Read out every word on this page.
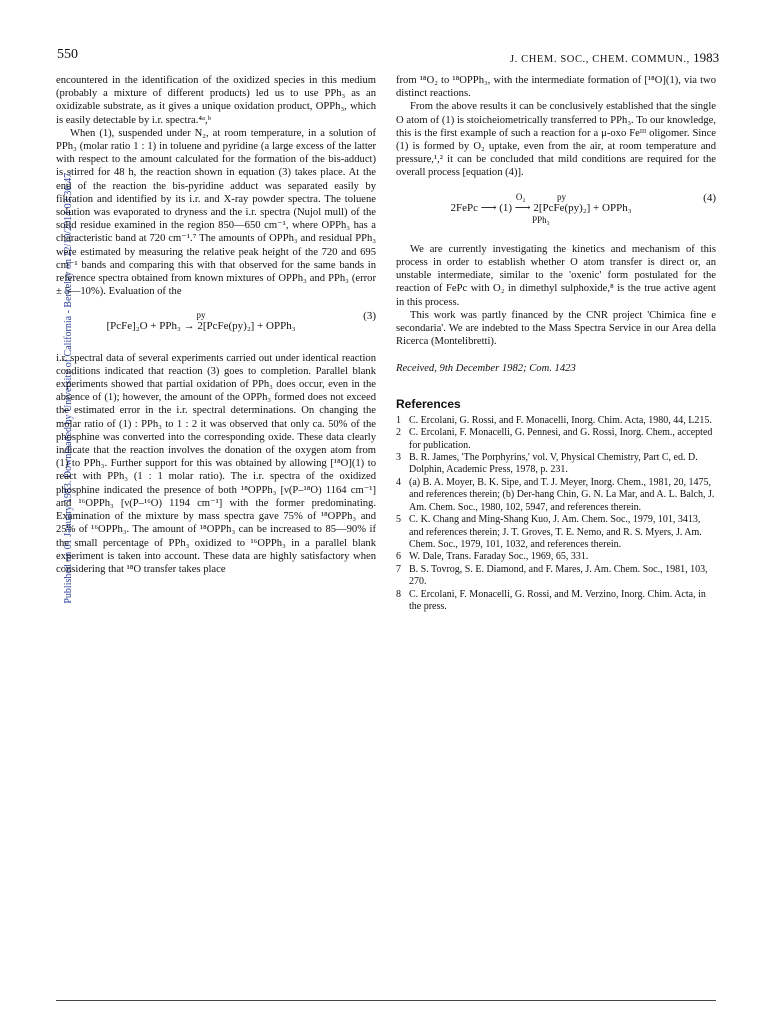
Published on 01 January 1983. Downloaded by University of California - Berkeley on 22/10/2014 03:36:47.
550	J. CHEM. SOC., CHEM. COMMUN., 1983

encountered in the identification of the oxidized species in this medium (probably a mixture of different products) led us to use PPh₃ as an oxidizable substrate, as it gives a unique oxidation product, OPPh₃, which is easily detectable by i.r. spectra.⁴ᵃ,ᵇ

When (1), suspended under N₂, at room temperature, in a solution of PPh₃ (molar ratio 1 : 1) in toluene and pyridine (a large excess of the latter with respect to the amount calculated for the formation of the bis-adduct) is stirred for 48 h, the reaction shown in equation (3) takes place. At the end of the reaction the bis-pyridine adduct was separated easily by filtration and identified by its i.r. and X-ray powder spectra. The toluene solution was evaporated to dryness and the i.r. spectra (Nujol mull) of the solid residue examined in the region 850—650 cm⁻¹, where OPPh₃ has a characteristic band at 720 cm⁻¹.⁷ The amounts of OPPh₃ and residual PPh₃ were estimated by measuring the relative peak height of the 720 and 695 cm⁻¹ bands and comparing this with that observed for the same bands in reference spectra obtained from known mixtures of OPPh₃ and PPh₃ (error ± 5—10%). Evaluation of the

py
[PcFe]₂O + PPh₃ → 2[PcFe(py)₂] + OPPh₃
(3)

i.r. spectral data of several experiments carried out under identical reaction conditions indicated that reaction (3) goes to completion. Parallel blank experiments showed that partial oxidation of PPh₃ does occur, even in the absence of (1); however, the amount of the OPPh₃ formed does not exceed the estimated error in the i.r. spectral determinations. On changing the molar ratio of (1) : PPh₃ to 1 : 2 it was observed that only ca. 50% of the phosphine was converted into the corresponding oxide. These data clearly indicate that the reaction involves the donation of the oxygen atom from (1) to PPh₃. Further support for this was obtained by allowing [¹⁸O](1) to react with PPh₃ (1 : 1 molar ratio). The i.r. spectra of the oxidized phosphine indicated the presence of both ¹⁸OPPh₃ [ν(P–¹⁸O) 1164 cm⁻¹] and ¹⁶OPPh₃ [ν(P–¹⁶O) 1194 cm⁻¹] with the former predominating. Examination of the mixture by mass spectra gave 75% of ¹⁸OPPh₃ and 25% of ¹⁶OPPh₃. The amount of ¹⁸OPPh₃ can be increased to 85—90% if the small percentage of PPh₃ oxidized to ¹⁶OPPh₃ in a parallel blank experiment is taken into account. These data are highly satisfactory when considering that ¹⁸O transfer takes place

from ¹⁸O₂ to ¹⁸OPPh₃, with the intermediate formation of [¹⁸O](1), via two distinct reactions.

From the above results it can be conclusively established that the single O atom of (1) is stoicheiometrically transferred to PPh₃. To our knowledge, this is the first example of such a reaction for a μ-oxo Feᴵᴵᴵ oligomer. Since (1) is formed by O₂ uptake, even from the air, at room temperature and pressure,¹,² it can be concluded that mild conditions are required for the overall process [equation (4)].

O₂              py
2FePc ⟶ (1) ⟶ 2[PcFe(py)₂] + OPPh₃
PPh₃
(4)

We are currently investigating the kinetics and mechanism of this process in order to establish whether O atom transfer is direct or, an unstable intermediate, similar to the 'oxenic' form postulated for the reaction of FePc with O₂ in dimethyl sulphoxide,⁸ is the true active agent in this process.

This work was partly financed by the CNR project 'Chimica fine e secondaria'. We are indebted to the Mass Spectra Service in our Area della Ricerca (Montelibretti).

Received, 9th December 1982; Com. 1423

References
1 C. Ercolani, G. Rossi, and F. Monacelli, Inorg. Chim. Acta, 1980, 44, L215.
2 C. Ercolani, F. Monacelli, G. Pennesi, and G. Rossi, Inorg. Chem., accepted for publication.
3 B. R. James, 'The Porphyrins,' vol. V, Physical Chemistry, Part C, ed. D. Dolphin, Academic Press, 1978, p. 231.
4 (a) B. A. Moyer, B. K. Sipe, and T. J. Meyer, Inorg. Chem., 1981, 20, 1475, and references therein; (b) Der-hang Chin, G. N. La Mar, and A. L. Balch, J. Am. Chem. Soc., 1980, 102, 5947, and references therein.
5 C. K. Chang and Ming-Shang Kuo, J. Am. Chem. Soc., 1979, 101, 3413, and references therein; J. T. Groves, T. E. Nemo, and R. S. Myers, J. Am. Chem. Soc., 1979, 101, 1032, and references therein.
6 W. Dale, Trans. Faraday Soc., 1969, 65, 331.
7 B. S. Tovrog, S. E. Diamond, and F. Mares, J. Am. Chem. Soc., 1981, 103, 270.
8 C. Ercolani, F. Monacelli, G. Rossi, and M. Verzino, Inorg. Chim. Acta, in the press.
